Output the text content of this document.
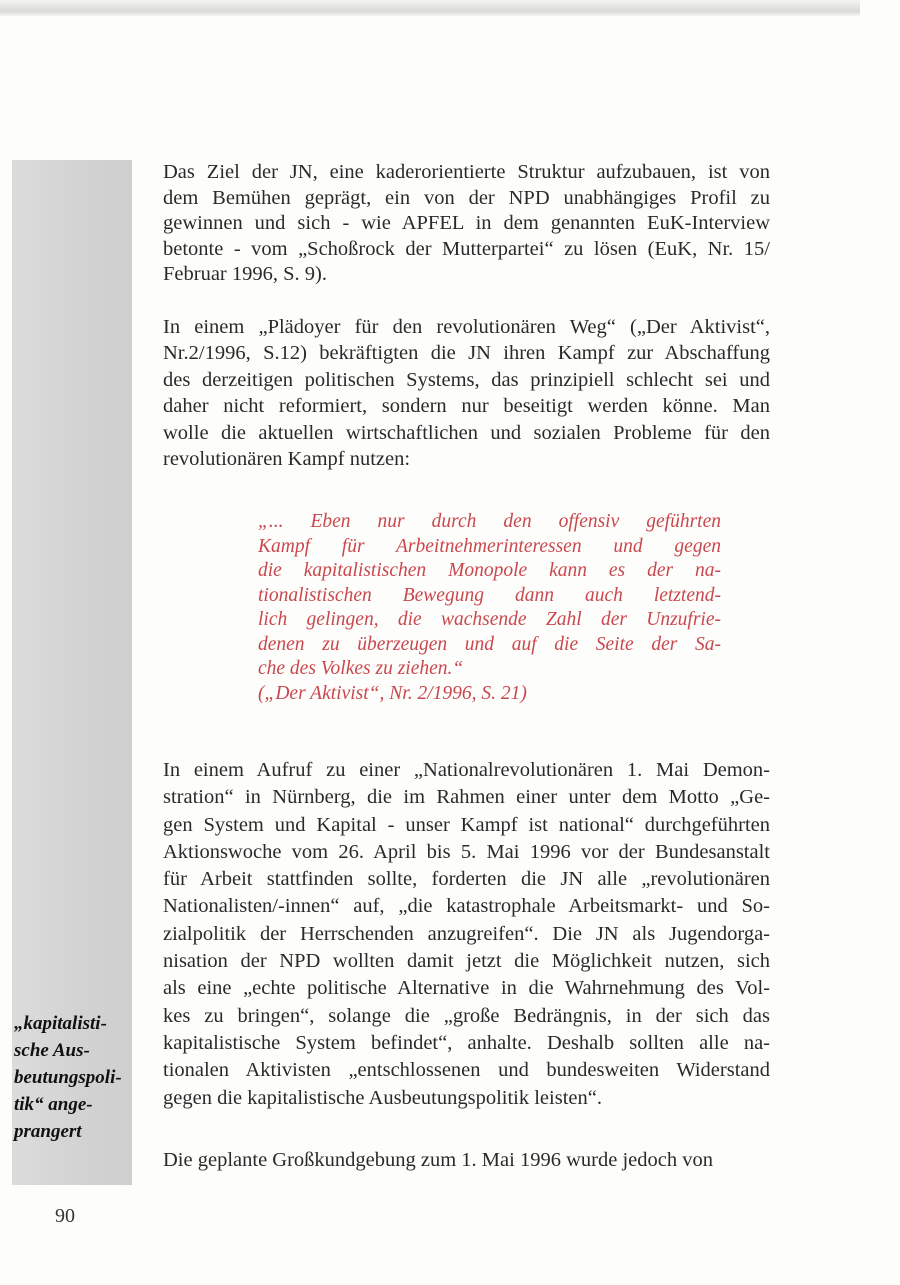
Das Ziel der JN, eine kaderorientierte Struktur aufzubauen, ist von
dem Bemühen geprägt, ein von der NPD unabhängiges Profil zu
gewinnen und sich - wie APFEL in dem genannten EuK-Interview
betonte - vom „Schoßrock der Mutterpartei“ zu lösen (EuK, Nr. 15/
Februar 1996, S. 9).
In einem „Plädoyer für den revolutionären Weg“ („Der Aktivist“,
Nr.2/1996, S.12) bekräftigten die JN ihren Kampf zur Abschaffung
des derzeitigen politischen Systems, das prinzipiell schlecht sei und
daher nicht reformiert, sondern nur beseitigt werden könne. Man
wolle die aktuellen wirtschaftlichen und sozialen Probleme für den
revolutionären Kampf nutzen:
„... Eben nur durch den offensiv geführten
Kampf für Arbeitnehmerinteressen und gegen
die kapitalistischen Monopole kann es der na-
tionalistischen Bewegung dann auch letztend-
lich gelingen, die wachsende Zahl der Unzufrie-
denen zu überzeugen und auf die Seite der Sa-
che des Volkes zu ziehen.“
(„Der Aktivist“, Nr. 2/1996, S. 21)
In einem Aufruf zu einer „Nationalrevolutionären 1. Mai Demon-
stration“ in Nürnberg, die im Rahmen einer unter dem Motto „Ge-
gen System und Kapital - unser Kampf ist national“ durchgeführten
Aktionswoche vom 26. April bis 5. Mai 1996 vor der Bundesanstalt
für Arbeit stattfinden sollte, forderten die JN alle „revolutionären
Nationalisten/-innen“ auf, „die katastrophale Arbeitsmarkt- und So-
zialpolitik der Herrschenden anzugreifen“. Die JN als Jugendorga-
nisation der NPD wollten damit jetzt die Möglichkeit nutzen, sich
als eine „echte politische Alternative in die Wahrnehmung des Vol-
kes zu bringen“, solange die „große Bedrängnis, in der sich das
kapitalistische System befindet“, anhalte. Deshalb sollten alle na-
tionalen Aktivisten „entschlossenen und bundesweiten Widerstand
gegen die kapitalistische Ausbeutungspolitik leisten“.
Die geplante Großkundgebung zum 1. Mai 1996 wurde jedoch von
„kapitalisti-
sche Aus-
beutungspoli-
tik“ ange-
prangert
90
